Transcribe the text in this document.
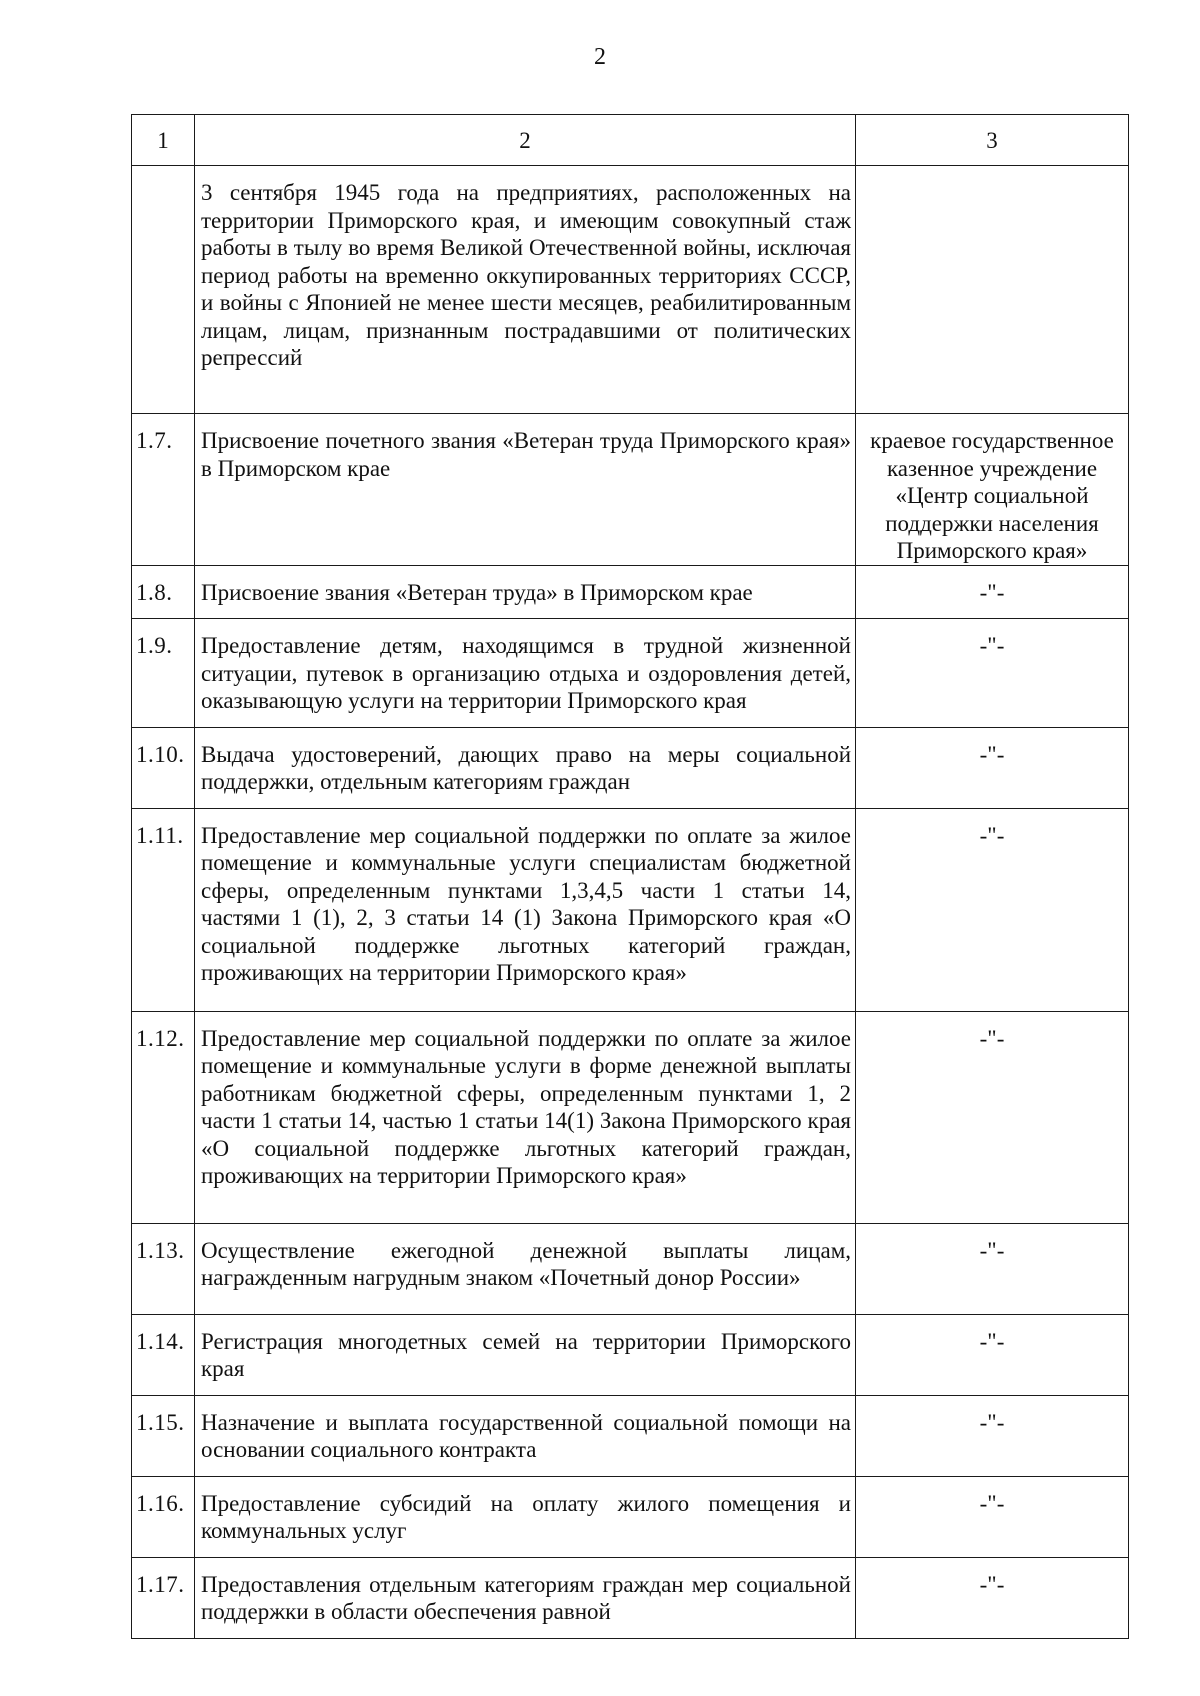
2
1	2	3
	3 сентября 1945 года на предприятиях, расположенных на территории Приморского края, и имеющим совокупный стаж работы в тылу во время Великой Отечественной войны, исключая период работы на временно оккупированных территориях СССР, и войны с Японией не менее шести месяцев, реабилитированным лицам, лицам, признанным пострадавшими от политических репрессий	
1.7.	Присвоение почетного звания «Ветеран труда Приморского края» в Приморском крае	краевое государственное казенное учреждение «Центр социальной поддержки населения Приморского края»
1.8.	Присвоение звания «Ветеран труда» в Приморском крае	-"-
1.9.	Предоставление детям, находящимся в трудной жизненной ситуации, путевок в организацию отдыха и оздоровления детей, оказывающую услуги на территории Приморского края	-"-
1.10.	Выдача удостоверений, дающих право на меры социальной поддержки, отдельным категориям граждан	-"-
1.11.	Предоставление мер социальной поддержки по оплате за жилое помещение и коммунальные услуги специалистам бюджетной сферы, определенным пунктами 1,3,4,5 части 1 статьи 14, частями 1 (1), 2, 3 статьи 14 (1) Закона Приморского края «О социальной поддержке льготных категорий граждан, проживающих на территории Приморского края»	-"-
1.12.	Предоставление мер социальной поддержки по оплате за жилое помещение и коммунальные услуги в форме денежной выплаты работникам бюджетной сферы, определенным пунктами 1, 2 части 1 статьи 14, частью 1 статьи 14(1) Закона Приморского края «О социальной поддержке льготных категорий граждан, проживающих на территории Приморского края»	-"-
1.13.	Осуществление ежегодной денежной выплаты лицам, награжденным нагрудным знаком «Почетный донор России»	-"-
1.14.	Регистрация многодетных семей на территории Приморского края	-"-
1.15.	Назначение и выплата государственной социальной помощи на основании социального контракта	-"-
1.16.	Предоставление субсидий на оплату жилого помещения и коммунальных услуг	-"-
1.17.	Предоставления отдельным категориям граждан мер социальной поддержки в области обеспечения равной	-"-
